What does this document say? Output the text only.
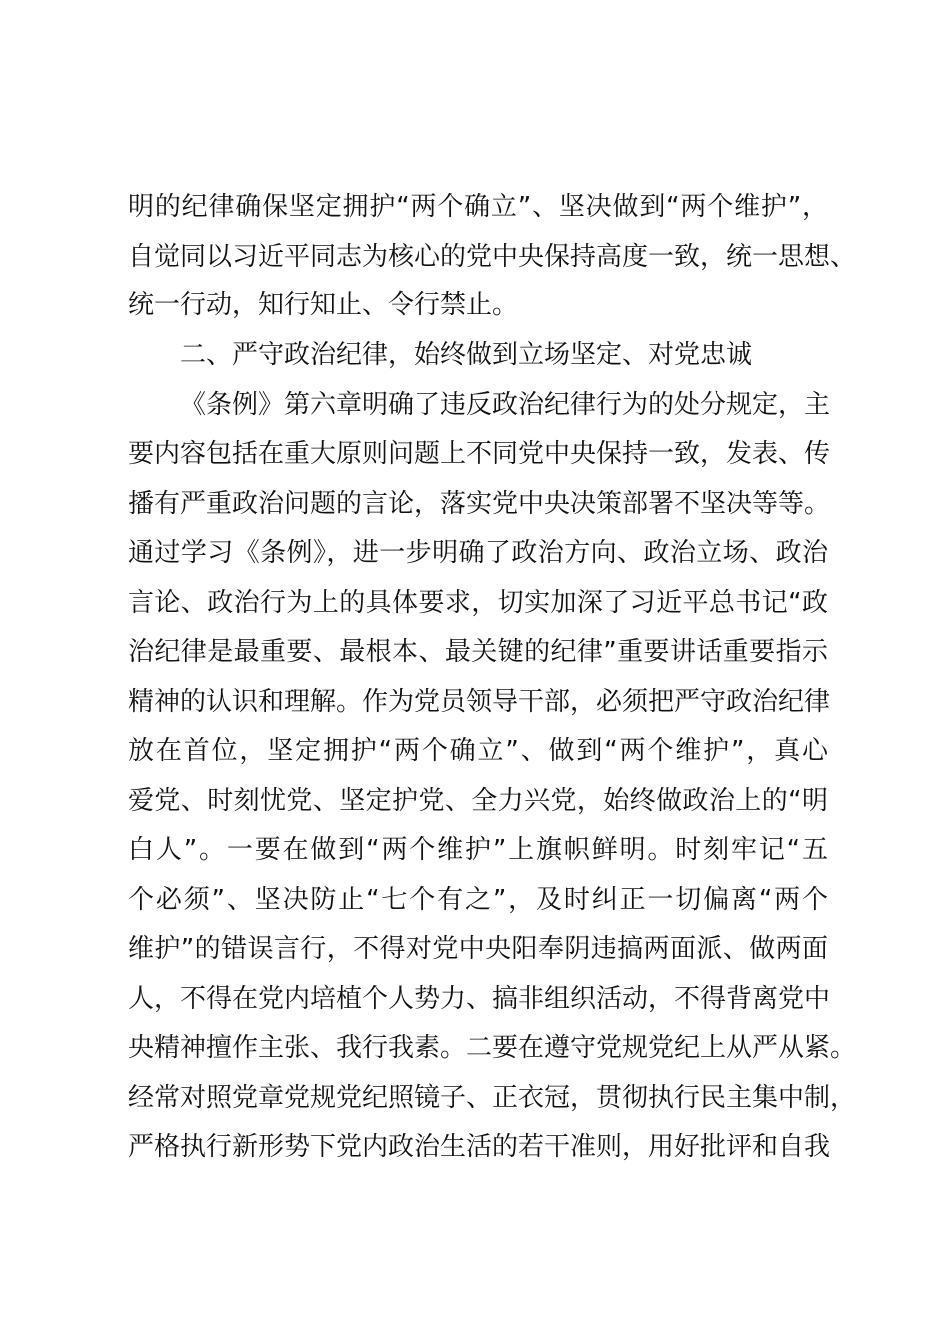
明的纪律确保坚定拥护“两个确立”、坚决做到“两个维护”，
自觉同以习近平同志为核心的党中央保持高度一致，统一思想、
统一行动，知行知止、令行禁止。
二、严守政治纪律，始终做到立场坚定、对党忠诚
《条例》第六章明确了违反政治纪律行为的处分规定，主
要内容包括在重大原则问题上不同党中央保持一致，发表、传
播有严重政治问题的言论，落实党中央决策部署不坚决等等。
通过学习《条例》，进一步明确了政治方向、政治立场、政治
言论、政治行为上的具体要求，切实加深了习近平总书记“政
治纪律是最重要、最根本、最关键的纪律”重要讲话重要指示
精神的认识和理解。作为党员领导干部，必须把严守政治纪律
放在首位，坚定拥护“两个确立”、做到“两个维护”，真心
爱党、时刻忧党、坚定护党、全力兴党，始终做政治上的“明
白人”。一要在做到“两个维护”上旗帜鲜明。时刻牢记“五
个必须”、坚决防止“七个有之”，及时纠正一切偏离“两个
维护”的错误言行，不得对党中央阳奉阴违搞两面派、做两面
人，不得在党内培植个人势力、搞非组织活动，不得背离党中
央精神擅作主张、我行我素。二要在遵守党规党纪上从严从紧。
经常对照党章党规党纪照镜子、正衣冠，贯彻执行民主集中制，
严格执行新形势下党内政治生活的若干准则，用好批评和自我
